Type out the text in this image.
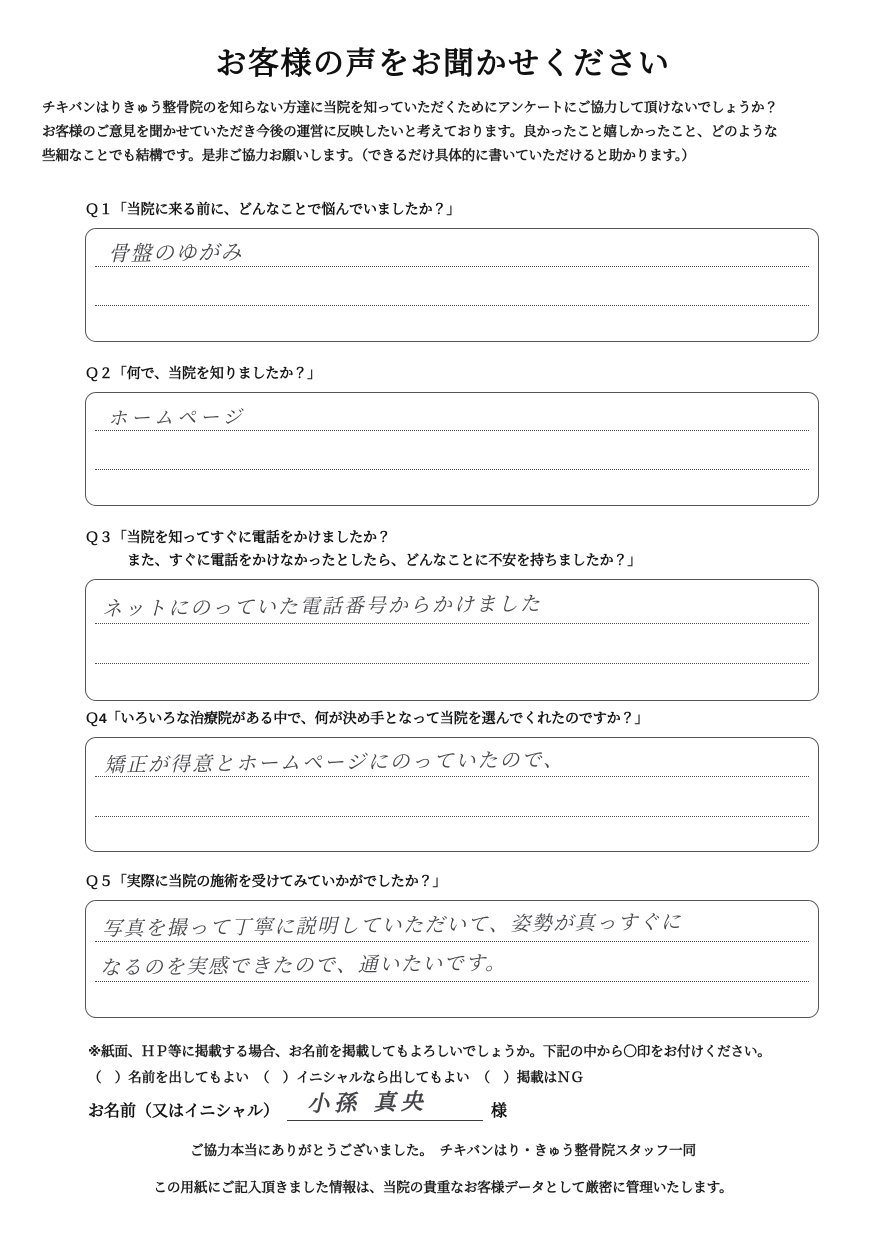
お客様の声をお聞かせください
チキバンはりきゅう整骨院のを知らない方達に当院を知っていただくためにアンケートにご協力して頂けないでしょうか？
お客様のご意見を聞かせていただき今後の運営に反映したいと考えております。良かったこと嬉しかったこと、どのような
些細なことでも結構です。是非ご協力お願いします。（できるだけ具体的に書いていただけると助かります。）
Ｑ１「当院に来る前に、どんなことで悩んでいましたか？」
骨盤のゆがみ
Ｑ２「何で、当院を知りましたか？」
ホームページ
Ｑ３「当院を知ってすぐに電話をかけましたか？
また、すぐに電話をかけなかったとしたら、どんなことに不安を持ちましたか？」
ネットにのっていた電話番号からかけました
Ｑ4「いろいろな治療院がある中で、何が決め手となって当院を選んでくれたのですか？」
矯正が得意とホームページにのっていたので、
Ｑ５「実際に当院の施術を受けてみていかがでしたか？」
写真を撮って丁寧に説明していただいて、姿勢が真っすぐに
なるのを実感できたので、通いたいです。
※紙面、ＨＰ等に掲載する場合、お名前を掲載してもよろしいでしょうか。下記の中から〇印をお付けください。
（　）名前を出してもよい （　）イニシャルなら出してもよい （　）掲載はＮＧ
お名前（又はイニシャル） 小孫 真央	様
ご協力本当にありがとうございました。　チキバンはり・きゅう整骨院スタッフ一同
この用紙にご記入頂きました情報は、当院の貴重なお客様データとして厳密に管理いたします。
